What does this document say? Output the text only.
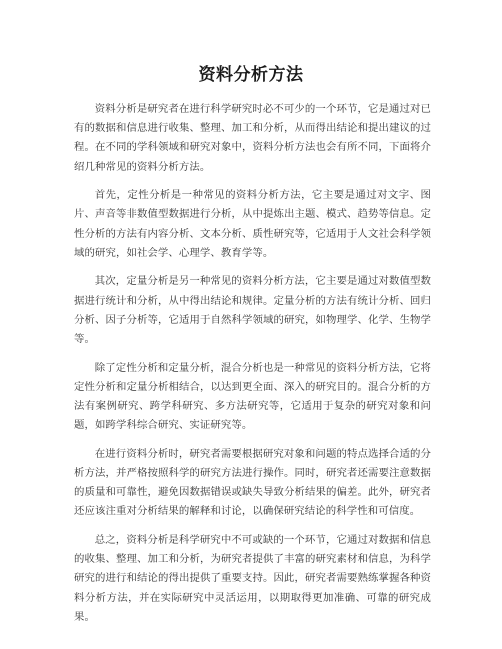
资料分析方法

资料分析是研究者在进行科学研究时必不可少的一个环节，它是通过对已有的数据和信息进行收集、整理、加工和分析，从而得出结论和提出建议的过程。在不同的学科领域和研究对象中，资料分析方法也会有所不同，下面将介绍几种常见的资料分析方法。

首先，定性分析是一种常见的资料分析方法，它主要是通过对文字、图片、声音等非数值型数据进行分析，从中提炼出主题、模式、趋势等信息。定性分析的方法有内容分析、文本分析、质性研究等，它适用于人文社会科学领域的研究，如社会学、心理学、教育学等。

其次，定量分析是另一种常见的资料分析方法，它主要是通过对数值型数据进行统计和分析，从中得出结论和规律。定量分析的方法有统计分析、回归分析、因子分析等，它适用于自然科学领域的研究，如物理学、化学、生物学等。

除了定性分析和定量分析，混合分析也是一种常见的资料分析方法，它将定性分析和定量分析相结合，以达到更全面、深入的研究目的。混合分析的方法有案例研究、跨学科研究、多方法研究等，它适用于复杂的研究对象和问题，如跨学科综合研究、实证研究等。

在进行资料分析时，研究者需要根据研究对象和问题的特点选择合适的分析方法，并严格按照科学的研究方法进行操作。同时，研究者还需要注意数据的质量和可靠性，避免因数据错误或缺失导致分析结果的偏差。此外，研究者还应该注重对分析结果的解释和讨论，以确保研究结论的科学性和可信度。

总之，资料分析是科学研究中不可或缺的一个环节，它通过对数据和信息的收集、整理、加工和分析，为研究者提供了丰富的研究素材和信息，为科学研究的进行和结论的得出提供了重要支持。因此，研究者需要熟练掌握各种资料分析方法，并在实际研究中灵活运用，以期取得更加准确、可靠的研究成果。
